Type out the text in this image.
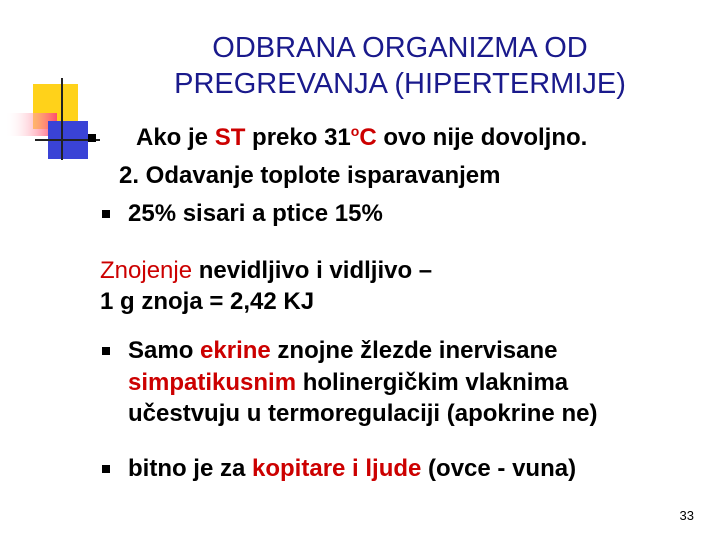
ODBRANA ORGANIZMA OD
PREGREVANJA (HIPERTERMIJE)
Ako je ST preko 31$^o$C ovo nije dovoljno.
2. Odavanje toplote isparavanjem
25% sisari a ptice 15%
Znojenje nevidljivo i vidljivo –
1 g znoja = 2,42 KJ
Samo ekrine znojne žlezde inervisane
simpatikusnim holinergičkim vlaknima
učestvuju u termoregulaciji (apokrine ne)
bitno je za kopitare i ljude (ovce - vuna)
33
